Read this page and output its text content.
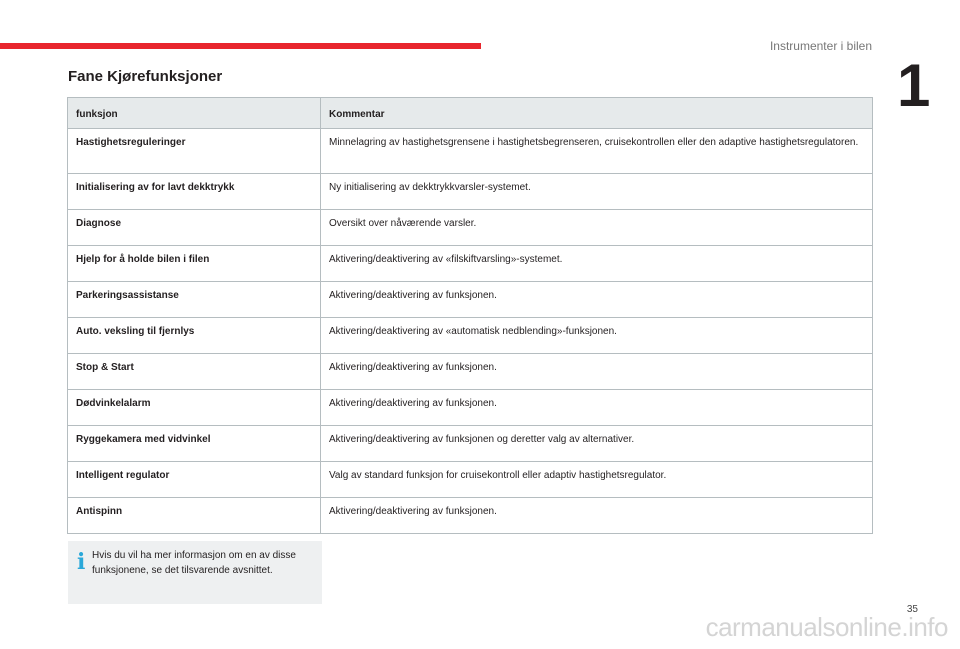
Instrumenter i bilen
1
Fane Kjørefunksjoner
funksjon	Kommentar
Hastighetsreguleringer	Minnelagring av hastighetsgrensene i hastighetsbegrenseren, cruisekontrollen eller den adaptive hastighetsregulatoren.
Initialisering av for lavt dekktrykk	Ny initialisering av dekktrykkvarsler-systemet.
Diagnose	Oversikt over nåværende varsler.
Hjelp for å holde bilen i filen	Aktivering/deaktivering av «filskiftvarsling»-systemet.
Parkeringsassistanse	Aktivering/deaktivering av funksjonen.
Auto. veksling til fjernlys	Aktivering/deaktivering av «automatisk nedblending»-funksjonen.
Stop & Start	Aktivering/deaktivering av funksjonen.
Dødvinkelalarm	Aktivering/deaktivering av funksjonen.
Ryggekamera med vidvinkel	Aktivering/deaktivering av funksjonen og deretter valg av alternativer.
Intelligent regulator	Valg av standard funksjon for cruisekontroll eller adaptiv hastighetsregulator.
Antispinn	Aktivering/deaktivering av funksjonen.
i Hvis du vil ha mer informasjon om en av disse funksjonene, se det tilsvarende avsnittet.

35
carmanualsonline.info
